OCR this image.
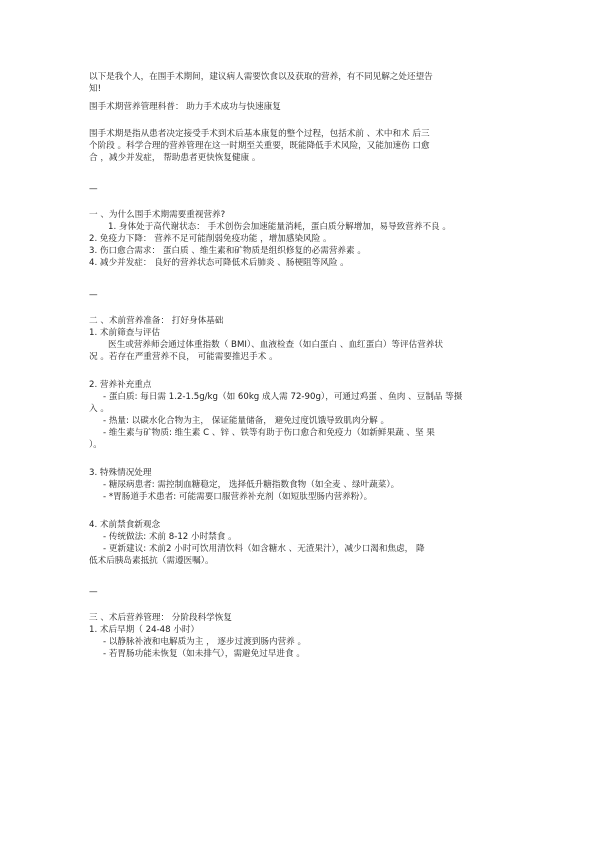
以下是我个人，在围手术期间，建议病人需要饮食以及获取的营养，有不同见解之处还望告
知!
围手术期营养管理科普： 助力手术成功与快速康复
围手术期是指从患者决定接受手术到术后基本康复的整个过程，包括术前 、术中和术 后三
个阶段 。科学合理的营养管理在这一时期至关重要，既能降低手术风险，又能加速伤 口愈
合 ，减少并发症， 帮助患者更快恢复健康 。
—
一 、为什么围手术期需要重视营养?
1. 身体处于高代谢状态： 手术创伤会加速能量消耗，蛋白质分解增加，易导致营养不良 。
2. 免疫力下降： 营养不足可能削弱免疫功能 ，增加感染风险 。
3. 伤口愈合需求： 蛋白质 、维生素和矿物质是组织修复的必需营养素 。
4. 减少并发症： 良好的营养状态可降低术后肺炎 、肠梗阻等风险 。
—
二 、术前营养准备： 打好身体基础
1. 术前筛查与评估
医生或营养师会通过体重指数（ BMI）、血液检查（如白蛋白 、血红蛋白）等评估营养状
况 。若存在严重营养不良， 可能需要推迟手术 。
2. 营养补充重点
- 蛋白质: 每日需 1.2-1.5g/kg（如 60kg 成人需 72-90g），可通过鸡蛋 、鱼肉 、豆制品 等摄
入 。
- 热量: 以碳水化合物为主， 保证能量储备， 避免过度饥饿导致肌肉分解 。
- 维生素与矿物质: 维生素 C 、锌 、铁等有助于伤口愈合和免疫力（如新鲜果蔬 、坚 果
）。
3. 特殊情况处理
- 糖尿病患者: 需控制血糖稳定， 选择低升糖指数食物（如全麦 、绿叶蔬菜）。
- *胃肠道手术患者: 可能需要口服营养补充剂（如短肽型肠内营养粉）。
4. 术前禁食新观念
- 传统做法: 术前 8-12 小时禁食 。
- 更新建议: 术前2 小时可饮用清饮料（如含糖水 、无渣果汁），减少口渴和焦虑， 降
低术后胰岛素抵抗（需遵医嘱）。
—
三 、术后营养管理： 分阶段科学恢复
1. 术后早期（ 24-48 小时）
- 以静脉补液和电解质为主 ， 逐步过渡到肠内营养 。
- 若胃肠功能未恢复（如未排气），需避免过早进食 。
